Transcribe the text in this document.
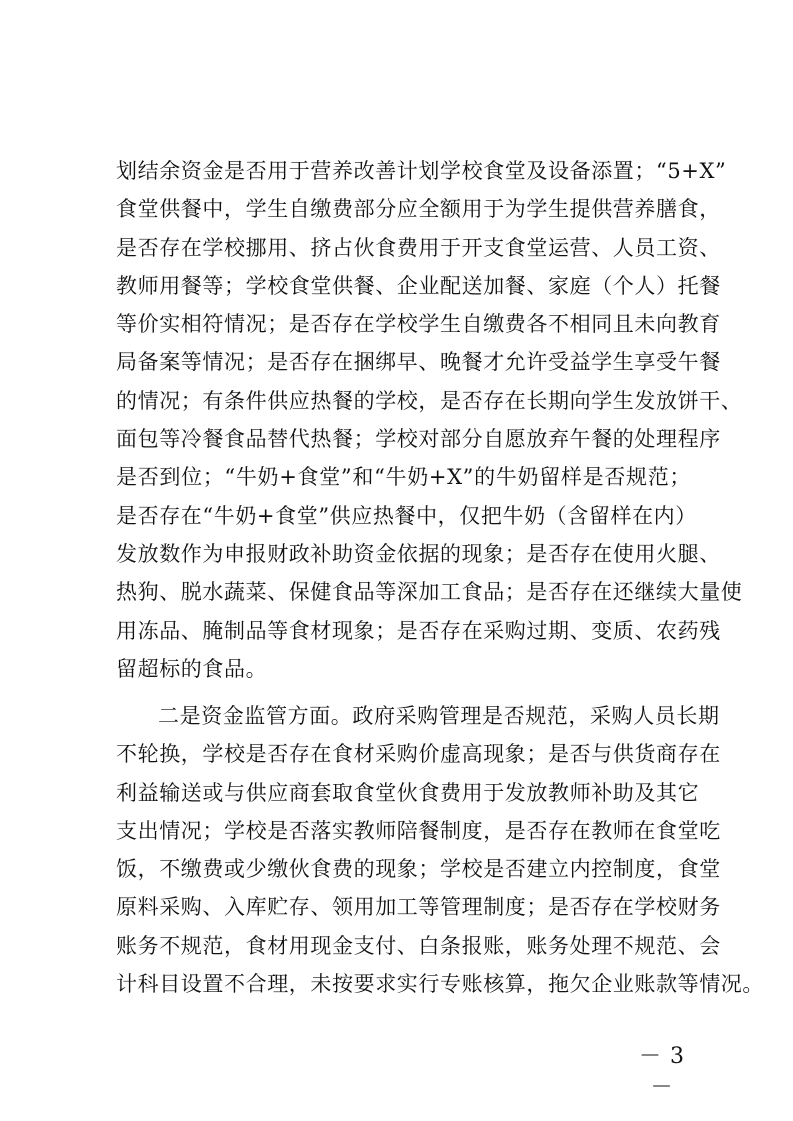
划结余资金是否用于营养改善计划学校食堂及设备添置；“5+X”
食堂供餐中，学生自缴费部分应全额用于为学生提供营养膳食，
是否存在学校挪用、挤占伙食费用于开支食堂运营、人员工资、
教师用餐等；学校食堂供餐、企业配送加餐、家庭（个人）托餐
等价实相符情况；是否存在学校学生自缴费各不相同且未向教育
局备案等情况；是否存在捆绑早、晚餐才允许受益学生享受午餐
的情况；有条件供应热餐的学校，是否存在长期向学生发放饼干、
面包等冷餐食品替代热餐；学校对部分自愿放弃午餐的处理程序
是否到位；“牛奶+食堂”和“牛奶+X”的牛奶留样是否规范；
是否存在“牛奶+食堂”供应热餐中，仅把牛奶（含留样在内）
发放数作为申报财政补助资金依据的现象；是否存在使用火腿、
热狗、脱水蔬菜、保健食品等深加工食品；是否存在还继续大量使
用冻品、腌制品等食材现象；是否存在采购过期、变质、农药残
留超标的食品。
二是资金监管方面。政府采购管理是否规范，采购人员长期
不轮换，学校是否存在食材采购价虚高现象；是否与供货商存在
利益输送或与供应商套取食堂伙食费用于发放教师补助及其它
支出情况；学校是否落实教师陪餐制度，是否存在教师在食堂吃
饭，不缴费或少缴伙食费的现象；学校是否建立内控制度，食堂
原料采购、入库贮存、领用加工等管理制度；是否存在学校财务
账务不规范，食材用现金支付、白条报账，账务处理不规范、会
计科目设置不合理，未按要求实行专账核算，拖欠企业账款等情况。
－ 3 －
